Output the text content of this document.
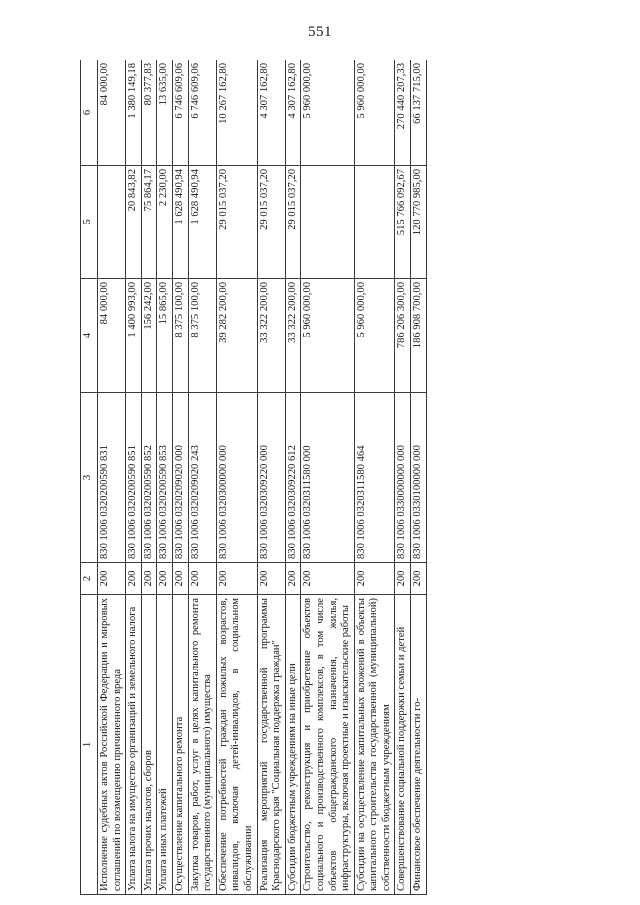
551
1	2	3	4	5	6
Исполнение судебных актов Российской Федерации и мировых соглашений по возмещению причиненного вреда	200	830 1006 0320200590 831	84 000,00		84 000,00
Уплата налога на имущество организаций и земельного налога	200	830 1006 0320200590 851	1 400 993,00	20 843,82	1 380 149,18
Уплата прочих налогов, сборов	200	830 1006 0320200590 852	156 242,00	75 864,17	80 377,83
Уплата иных платежей	200	830 1006 0320200590 853	15 865,00	2 230,00	13 635,00
Осуществление капитального ремонта	200	830 1006 0320209020 000	8 375 100,00	1 628 490,94	6 746 609,06
Закупка товаров, работ, услуг в целях капитального ремонта государственного (муниципального) имущества	200	830 1006 0320209020 243	8 375 100,00	1 628 490,94	6 746 609,06
Обеспечение потребностей граждан пожилых возрастов, инвалидов, включая детей-инвалидов, в социальном обслуживании	200	830 1006 0320300000 000	39 282 200,00	29 015 037,20	10 267 162,80
Реализация мероприятий государственной программы Краснодарского края "Социальная поддержка граждан"	200	830 1006 0320309220 000	33 322 200,00	29 015 037,20	4 307 162,80
Субсидии бюджетным учреждениям на иные цели	200	830 1006 0320309220 612	33 322 200,00	29 015 037,20	4 307 162,80
Строительство, реконструкция и приобретение объектов социального и производственного комплексов, в том числе объектов общегражданского назначения, жилья, инфраструктуры, включая проектные и изыскательские работы	200	830 1006 0320311580 000	5 960 000,00		5 960 000,00
Субсидии на осуществление капитальных вложений в объекты капитального строительства государственной (муниципальной) собственности бюджетным учреждениям	200	830 1006 0320311580 464	5 960 000,00		5 960 000,00
Совершенствование социальной поддержки семьи и детей	200	830 1006 0330000000 000	786 206 300,00	515 766 092,67	270 440 207,33
Финансовое обеспечение деятельности го-	200	830 1006 0330100000 000	186 908 700,00	120 770 985,00	66 137 715,00
